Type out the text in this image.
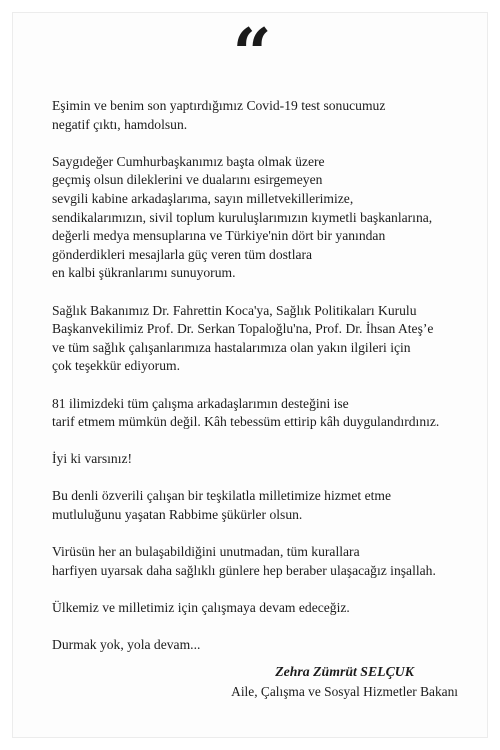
“
Eşimin ve benim son yaptırdığımız Covid-19 test sonucumuz
negatif çıktı, hamdolsun.
Saygıdeğer Cumhurbaşkanımız başta olmak üzere
geçmiş olsun dileklerini ve dualarını esirgemeyen
sevgili kabine arkadaşlarıma, sayın milletvekillerimize,
sendikalarımızın, sivil toplum kuruluşlarımızın kıymetli başkanlarına,
değerli medya mensuplarına ve Türkiye'nin dört bir yanından
gönderdikleri mesajlarla güç veren tüm dostlara
en kalbi şükranlarımı sunuyorum.
Sağlık Bakanımız Dr. Fahrettin Koca'ya, Sağlık Politikaları Kurulu
Başkanvekilimiz Prof. Dr. Serkan Topaloğlu'na, Prof. Dr. İhsan Ateş’e
ve tüm sağlık çalışanlarımıza hastalarımıza olan yakın ilgileri için
çok teşekkür ediyorum.
81 ilimizdeki tüm çalışma arkadaşlarımın desteğini ise
tarif etmem mümkün değil. Kâh tebessüm ettirip kâh duygulandırdınız.
İyi ki varsınız!
Bu denli özverili çalışan bir teşkilatla milletimize hizmet etme
mutluluğunu yaşatan Rabbime şükürler olsun.
Virüsün her an bulaşabildiğini unutmadan, tüm kurallara
harfiyen uyarsak daha sağlıklı günlere hep beraber ulaşacağız inşallah.
Ülkemiz ve milletimiz için çalışmaya devam edeceğiz.
Durmak yok, yola devam...
Zehra Zümrüt SELÇUK
Aile, Çalışma ve Sosyal Hizmetler Bakanı
